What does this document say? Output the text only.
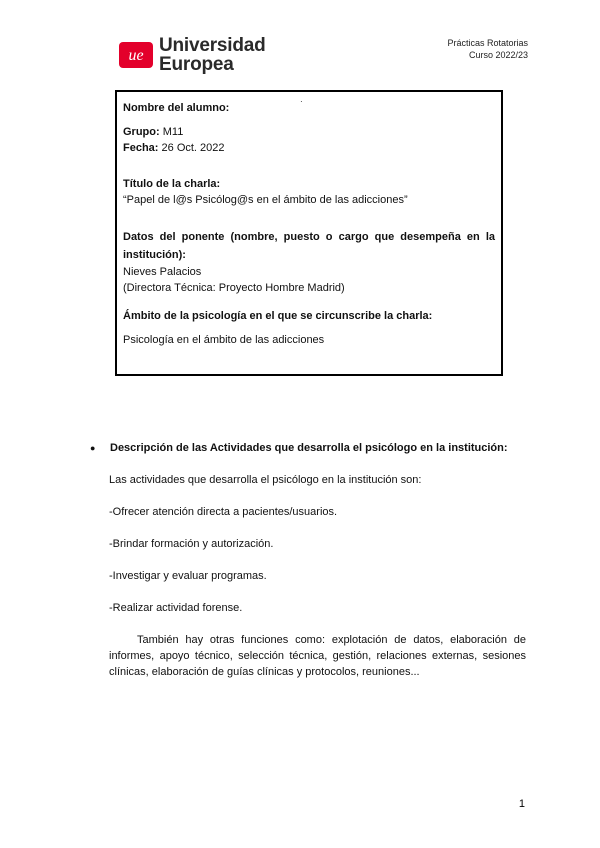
ue Universidad
Europea
Prácticas Rotatorias
Curso 2022/23
·

Nombre del alumno:

Grupo: M11

Fecha: 26 Oct. 2022

Título de la charla:

“Papel de l@s Psicólog@s en el ámbito de las adicciones”

Datos del ponente (nombre, puesto o cargo que desempeña en la

institución):

Nieves Palacios

(Directora Técnica: Proyecto Hombre Madrid)

Ámbito de la psicología en el que se circunscribe la charla:

Psicología en el ámbito de las adicciones

●	Descripción de las Actividades que desarrolla el psicólogo en la institución:
Las actividades que desarrolla el psicólogo en la institución son:
-Ofrecer atención directa a pacientes/usuarios.
-Brindar formación y autorización.
-Investigar y evaluar programas.
-Realizar actividad forense.
También hay otras funciones como: explotación de datos, elaboración de informes, apoyo técnico, selección técnica, gestión, relaciones externas, sesiones clínicas, elaboración de guías clínicas y protocolos, reuniones...
1
